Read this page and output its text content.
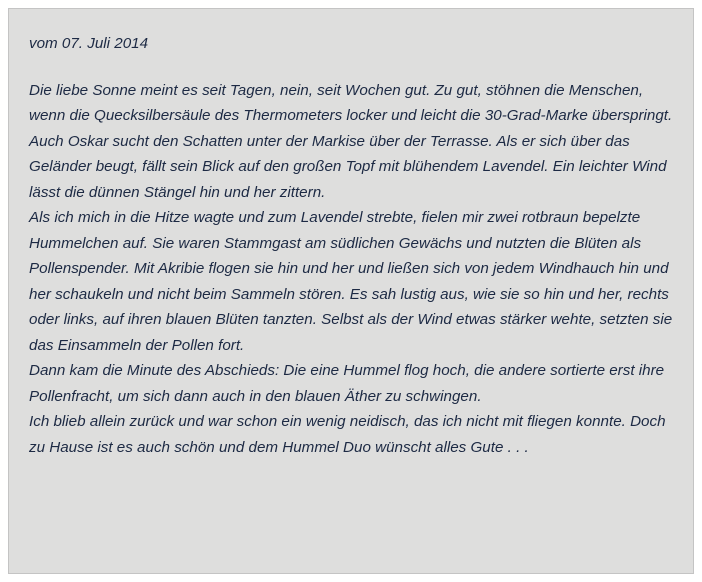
vom 07. Juli 2014

Die liebe Sonne meint es seit Tagen, nein, seit Wochen gut. Zu gut, stöhnen die Menschen, wenn die Quecksilbersäule des Thermometers locker und leicht die 30-Grad-Marke überspringt. Auch Oskar sucht den Schatten unter der Markise über der Terrasse. Als er sich über das Geländer beugt, fällt sein Blick auf den großen Topf mit blühendem Lavendel. Ein leichter Wind lässt die dünnen Stängel hin und her zittern.

Als ich mich in die Hitze wagte und zum Lavendel strebte, fielen mir zwei rotbraun bepelzte Hummelchen auf. Sie waren Stammgast am südlichen Gewächs und nutzten die Blüten als Pollenspender. Mit Akribie flogen sie hin und her und ließen sich von jedem Windhauch hin und her schaukeln und nicht beim Sammeln stören. Es sah lustig aus, wie sie so hin und her, rechts oder links, auf ihren blauen Blüten tanzten. Selbst als der Wind etwas stärker wehte, setzten sie das Einsammeln der Pollen fort.

Dann kam die Minute des Abschieds: Die eine Hummel flog hoch, die andere sortierte erst ihre Pollenfracht, um sich dann auch in den blauen Äther zu schwingen.

Ich blieb allein zurück und war schon ein wenig neidisch, das ich nicht mit fliegen konnte. Doch zu Hause ist es auch schön und dem Hummel Duo wünscht alles Gute . . .
